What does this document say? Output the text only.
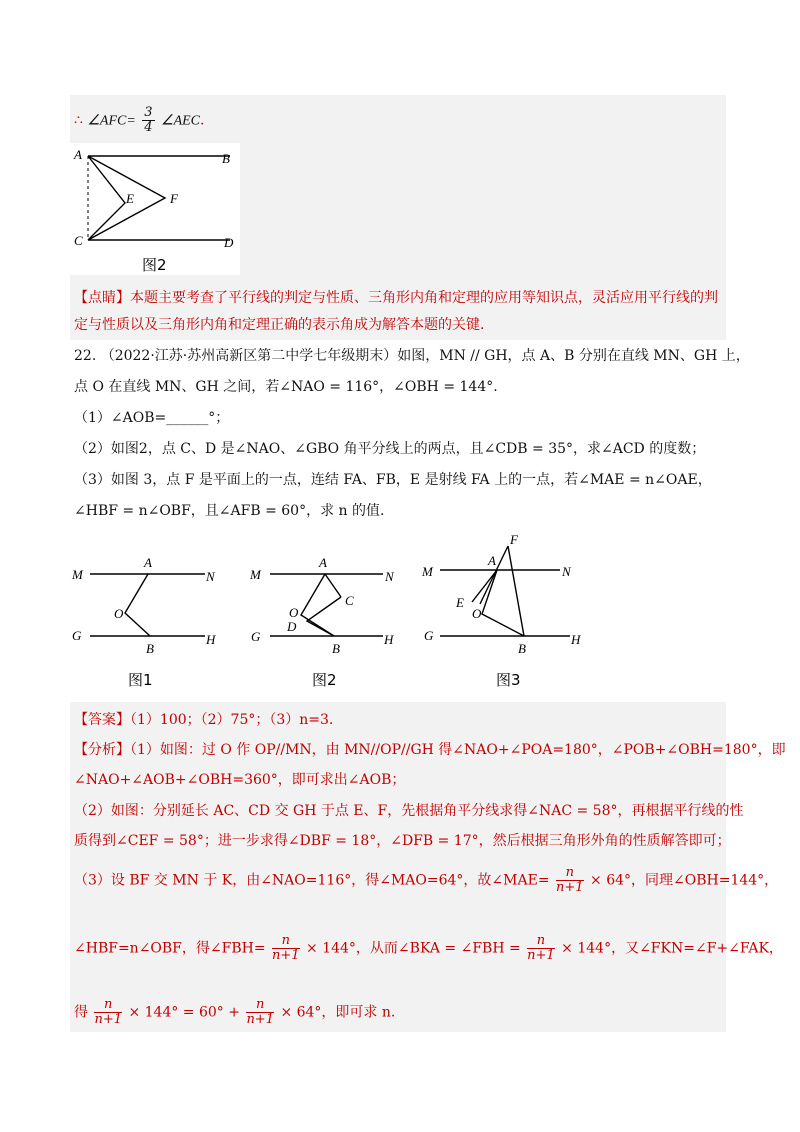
∴ ∠AFC= $\frac{3}{4}$ ∠AEC.
A	B
C	D
E	F
图2
【点睛】本题主要考查了平行线的判定与性质、三角形内角和定理的应用等知识点，灵活应用平行线的判
定与性质以及三角形内角和定理正确的表示角成为解答本题的关键.
22. （2022·江苏·苏州高新区第二中学七年级期末）如图，MN // GH，点 A、B 分别在直线 MN、GH 上，
点 O 在直线 MN、GH 之间，若∠NAO = 116°，∠OBH = 144°.
（1）∠AOB=______°；
（2）如图2，点 C、D 是∠NAO、∠GBO 角平分线上的两点，且∠CDB = 35°，求∠ACD 的度数；
（3）如图 3，点 F 是平面上的一点，连结 FA、FB，E 是射线 FA 上的一点，若∠MAE = n∠OAE，
∠HBF = n∠OBF，且∠AFB = 60°，求 n 的值.
M
A
N
O
G
B
H
图1
M
A
N
C
O
D
G
B
H
图2
F
M
A
N
E
O
G
B
H
图3
【答案】（1）100；（2）75°；（3）n=3.
【分析】（1）如图：过 O 作 OP//MN，由 MN//OP//GH 得∠NAO+∠POA=180°，∠POB+∠OBH=180°，即
∠NAO+∠AOB+∠OBH=360°，即可求出∠AOB；
（2）如图：分别延长 AC、CD 交 GH 于点 E、F，先根据角平分线求得∠NAC = 58°，再根据平行线的性
质得到∠CEF = 58°；进一步求得∠DBF = 18°，∠DFB = 17°，然后根据三角形外角的性质解答即可；
（3）设 BF 交 MN 于 K，由∠NAO=116°，得∠MAO=64°，故∠MAE= $\frac{n}{n+1} \times 64^\circ$，同理∠OBH=144°，
∠HBF=n∠OBF，得∠FBH= $\frac{n}{n+1} \times 144^\circ$，从而∠BKA = ∠FBH = $\frac{n}{n+1} \times 144^\circ$，又∠FKN=∠F+∠FAK，
得 $\frac{n}{n+1} \times 144^\circ = 60^\circ + \frac{n}{n+1} \times 64^\circ$，即可求 n.
